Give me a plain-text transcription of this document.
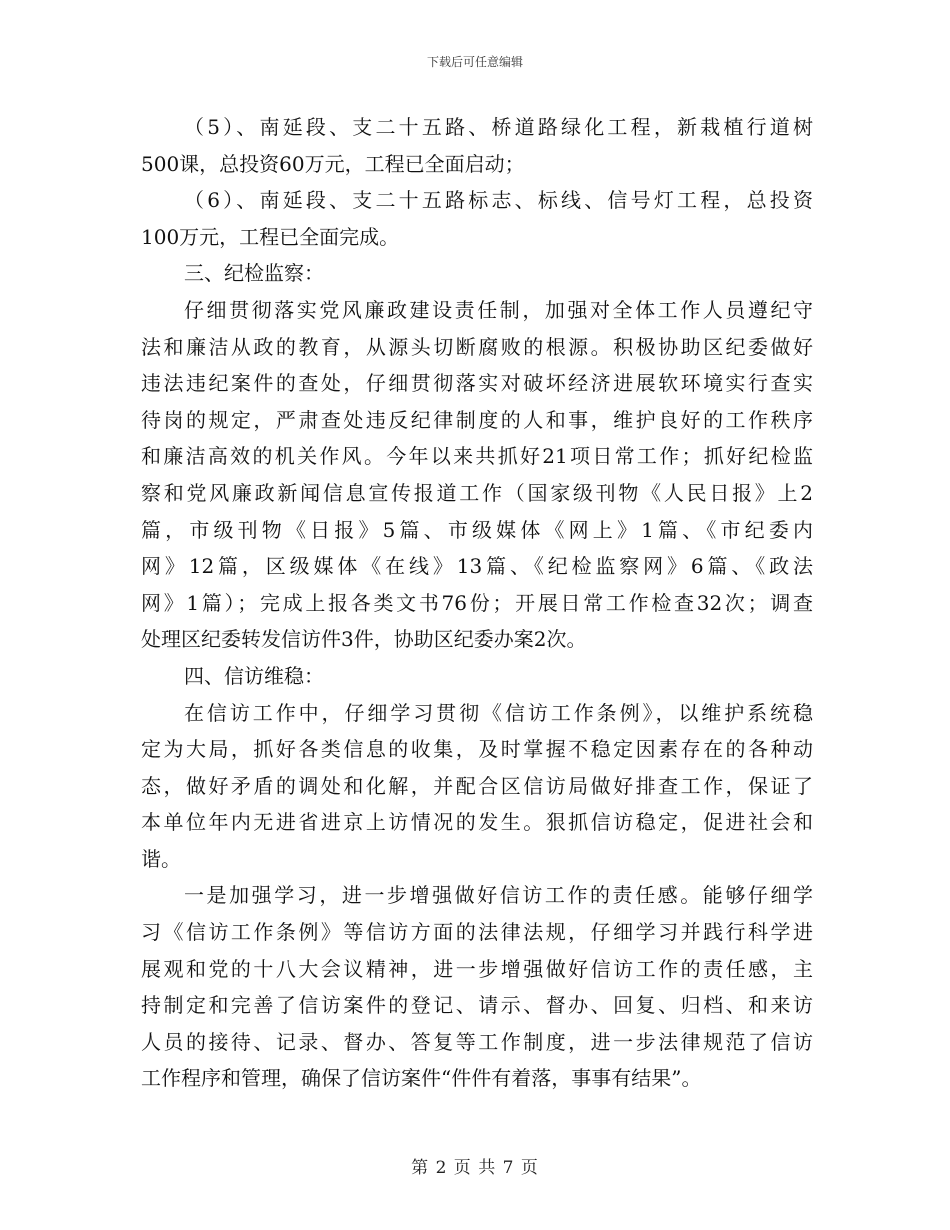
下载后可任意编辑
（5）、南延段、支二十五路、桥道路绿化工程，新栽植行道树
500课，总投资60万元，工程已全面启动；
（6）、南延段、支二十五路标志、标线、信号灯工程，总投资
100万元，工程已全面完成。
三、纪检监察：
仔细贯彻落实党风廉政建设责任制，加强对全体工作人员遵纪守
法和廉洁从政的教育，从源头切断腐败的根源。积极协助区纪委做好
违法违纪案件的查处，仔细贯彻落实对破坏经济进展软环境实行查实
待岗的规定，严肃查处违反纪律制度的人和事，维护良好的工作秩序
和廉洁高效的机关作风。今年以来共抓好21项日常工作；抓好纪检监
察和党风廉政新闻信息宣传报道工作（国家级刊物《人民日报》上2
篇，市级刊物《日报》5篇、市级媒体《网上》1篇、《市纪委内
网》12篇，区级媒体《在线》13篇、《纪检监察网》6篇、《政法
网》1篇）；完成上报各类文书76份；开展日常工作检查32次；调查
处理区纪委转发信访件3件，协助区纪委办案2次。
四、信访维稳：
在信访工作中，仔细学习贯彻《信访工作条例》，以维护系统稳
定为大局，抓好各类信息的收集，及时掌握不稳定因素存在的各种动
态，做好矛盾的调处和化解，并配合区信访局做好排查工作，保证了
本单位年内无进省进京上访情况的发生。狠抓信访稳定，促进社会和
谐。
一是加强学习，进一步增强做好信访工作的责任感。能够仔细学
习《信访工作条例》等信访方面的法律法规，仔细学习并践行科学进
展观和党的十八大会议精神，进一步增强做好信访工作的责任感，主
持制定和完善了信访案件的登记、请示、督办、回复、归档、和来访
人员的接待、记录、督办、答复等工作制度，进一步法律规范了信访
工作程序和管理，确保了信访案件“件件有着落，事事有结果”。
第 2 页 共 7 页
